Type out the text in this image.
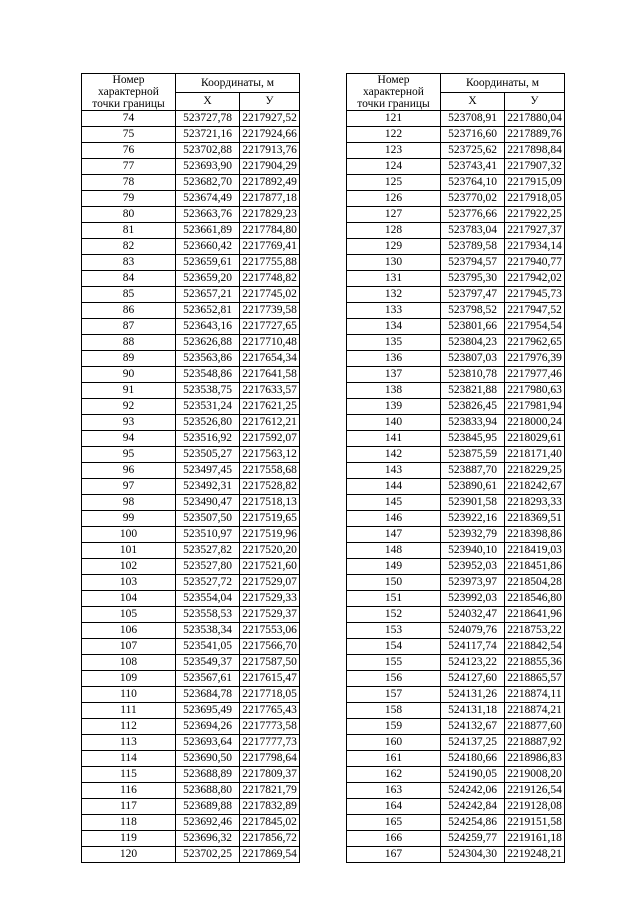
Номер
характерной
точки границы	Координаты, м	
	X	У
74	523727,78	2217927,52
75	523721,16	2217924,66
76	523702,88	2217913,76
77	523693,90	2217904,29
78	523682,70	2217892,49
79	523674,49	2217877,18
80	523663,76	2217829,23
81	523661,89	2217784,80
82	523660,42	2217769,41
83	523659,61	2217755,88
84	523659,20	2217748,82
85	523657,21	2217745,02
86	523652,81	2217739,58
87	523643,16	2217727,65
88	523626,88	2217710,48
89	523563,86	2217654,34
90	523548,86	2217641,58
91	523538,75	2217633,57
92	523531,24	2217621,25
93	523526,80	2217612,21
94	523516,92	2217592,07
95	523505,27	2217563,12
96	523497,45	2217558,68
97	523492,31	2217528,82
98	523490,47	2217518,13
99	523507,50	2217519,65
100	523510,97	2217519,96
101	523527,82	2217520,20
102	523527,80	2217521,60
103	523527,72	2217529,07
104	523554,04	2217529,33
105	523558,53	2217529,37
106	523538,34	2217553,06
107	523541,05	2217566,70
108	523549,37	2217587,50
109	523567,61	2217615,47
110	523684,78	2217718,05
111	523695,49	2217765,43
112	523694,26	2217773,58
113	523693,64	2217777,73
114	523690,50	2217798,64
115	523688,89	2217809,37
116	523688,80	2217821,79
117	523689,88	2217832,89
118	523692,46	2217845,02
119	523696,32	2217856,72
120	523702,25	2217869,54
Номер
характерной
точки границы	Координаты, м	
	X	У
121	523708,91	2217880,04
122	523716,60	2217889,76
123	523725,62	2217898,84
124	523743,41	2217907,32
125	523764,10	2217915,09
126	523770,02	2217918,05
127	523776,66	2217922,25
128	523783,04	2217927,37
129	523789,58	2217934,14
130	523794,57	2217940,77
131	523795,30	2217942,02
132	523797,47	2217945,73
133	523798,52	2217947,52
134	523801,66	2217954,54
135	523804,23	2217962,65
136	523807,03	2217976,39
137	523810,78	2217977,46
138	523821,88	2217980,63
139	523826,45	2217981,94
140	523833,94	2218000,24
141	523845,95	2218029,61
142	523875,59	2218171,40
143	523887,70	2218229,25
144	523890,61	2218242,67
145	523901,58	2218293,33
146	523922,16	2218369,51
147	523932,79	2218398,86
148	523940,10	2218419,03
149	523952,03	2218451,86
150	523973,97	2218504,28
151	523992,03	2218546,80
152	524032,47	2218641,96
153	524079,76	2218753,22
154	524117,74	2218842,54
155	524123,22	2218855,36
156	524127,60	2218865,57
157	524131,26	2218874,11
158	524131,18	2218874,21
159	524132,67	2218877,60
160	524137,25	2218887,92
161	524180,66	2218986,83
162	524190,05	2219008,20
163	524242,06	2219126,54
164	524242,84	2219128,08
165	524254,86	2219151,58
166	524259,77	2219161,18
167	524304,30	2219248,21
